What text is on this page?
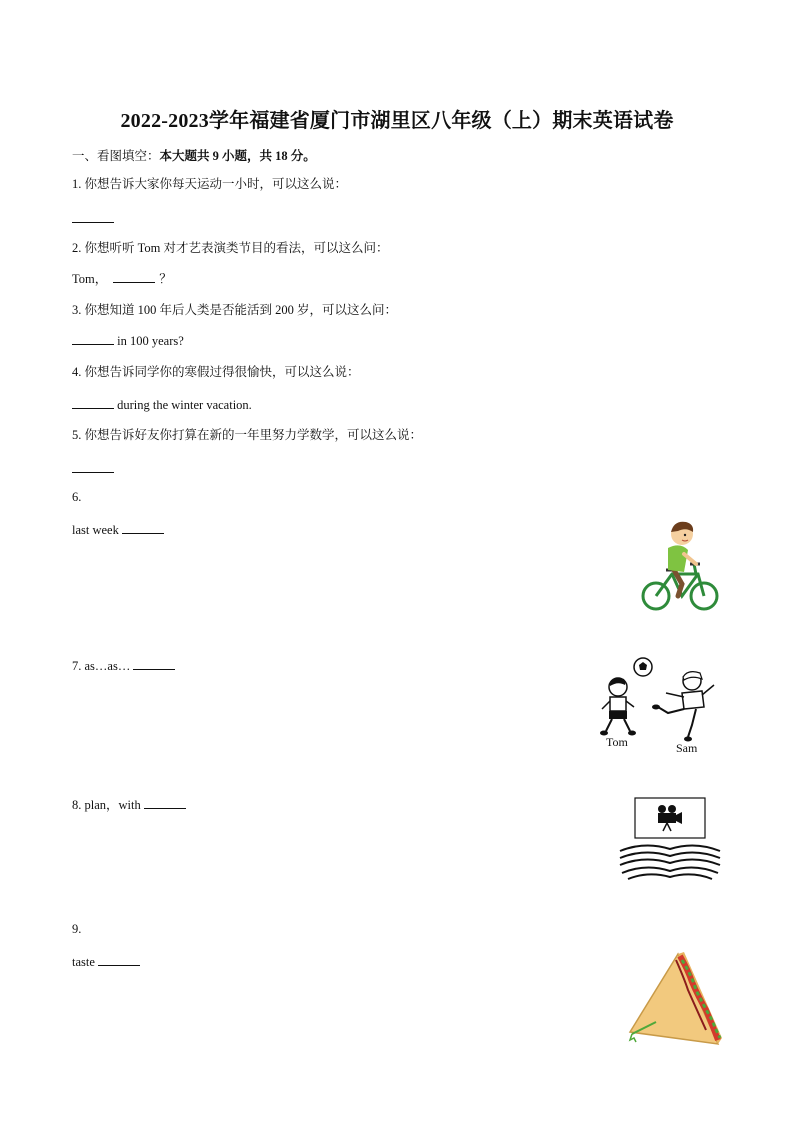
2022-2023学年福建省厦门市湖里区八年级（上）期末英语试卷
一、看图填空：本大题共 9 小题，共 18 分。
1. 你想告诉大家你每天运动一小时，可以这么说：
2. 你想听听 Tom 对才艺表演类节目的看法，可以这么问：
Tom，	？
3. 你想知道 100 年后人类是否能活到 200 岁，可以这么问：
in 100 years?
4. 你想告诉同学你的寒假过得很愉快，可以这么说：
during the winter vacation.
5. 你想告诉好友你打算在新的一年里努力学数学，可以这么说：
6.
last week
7. as…as…
Tom	Sam
8. plan，with
9.
taste
